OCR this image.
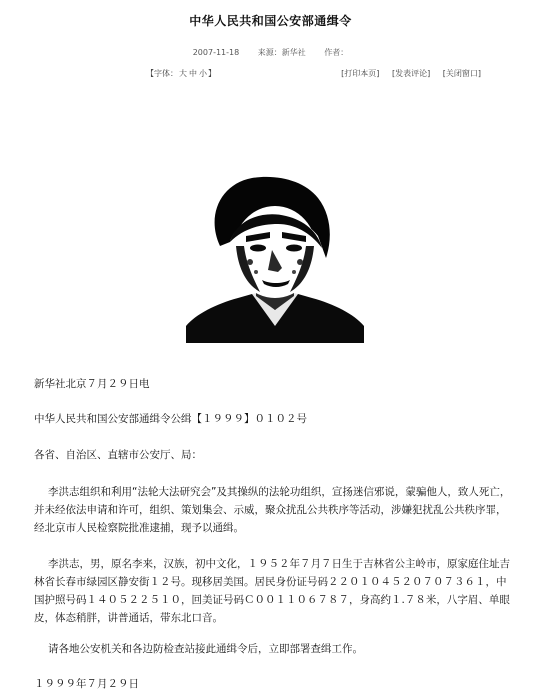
中华人民共和国公安部通缉令
2007-11-18 来源：新华社 作者：
【字体：大 中 小】	[打印本页] [发表评论] [关闭窗口]

新华社北京７月２９日电

中华人民共和国公安部通缉令公缉【１９９９】０１０２号

各省、自治区、直辖市公安厅、局：

李洪志组织和利用“法轮大法研究会”及其操纵的法轮功组织，宣扬迷信邪说，蒙骗他人，致人死亡，并未经依法申请和许可，组织、策划集会、示威，聚众扰乱公共秩序等活动，涉嫌犯扰乱公共秩序罪，经北京市人民检察院批准逮捕，现予以通缉。

李洪志，男，原名李来，汉族，初中文化，１９５２年７月７日生于吉林省公主岭市，原家庭住址吉林省长春市绿园区静安街１２号。现移居美国。居民身份证号码２２０１０４５２０７０７３６１，中国护照号码１４０５２２５１０，回美证号码Ｃ００１１０６７８７，身高约１.７８米，八字眉、单眼皮，体态稍胖，讲普通话，带东北口音。

请各地公安机关和各边防检查站接此通缉令后，立即部署查缉工作。

１９９９年７月２９日
